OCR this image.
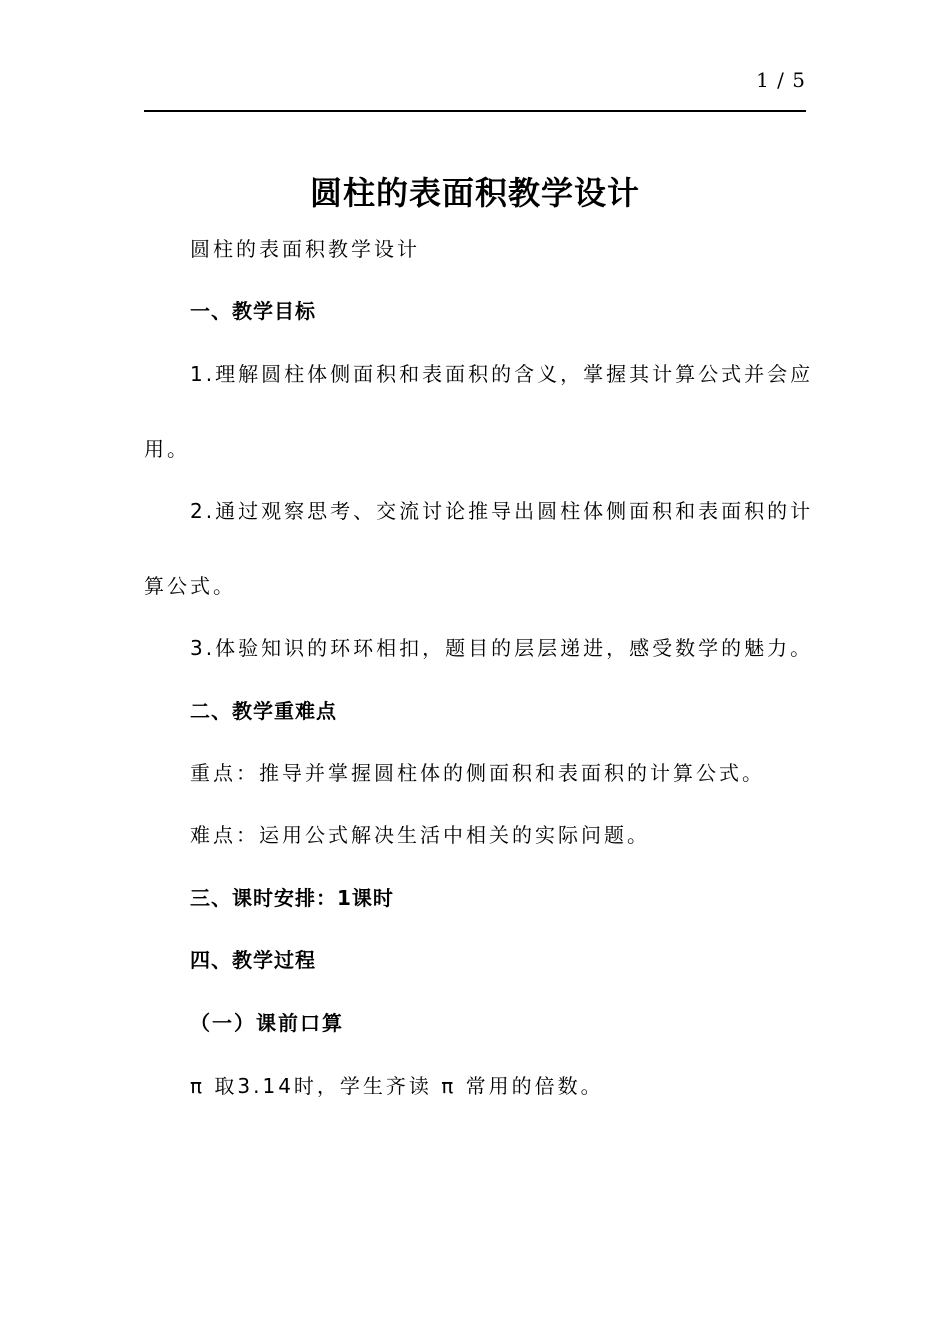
1 / 5
圆柱的表面积教学设计
圆柱的表面积教学设计
一、教学目标
1.理解圆柱体侧面积和表面积的含义，掌握其计算公式并会应
用。
2.通过观察思考、交流讨论推导出圆柱体侧面积和表面积的计
算公式。
3.体验知识的环环相扣，题目的层层递进，感受数学的魅力。
二、教学重难点
重点：推导并掌握圆柱体的侧面积和表面积的计算公式。
难点：运用公式解决生活中相关的实际问题。
三、课时安排：1课时
四、教学过程
（一）课前口算
π 取3.14时，学生齐读 π 常用的倍数。
